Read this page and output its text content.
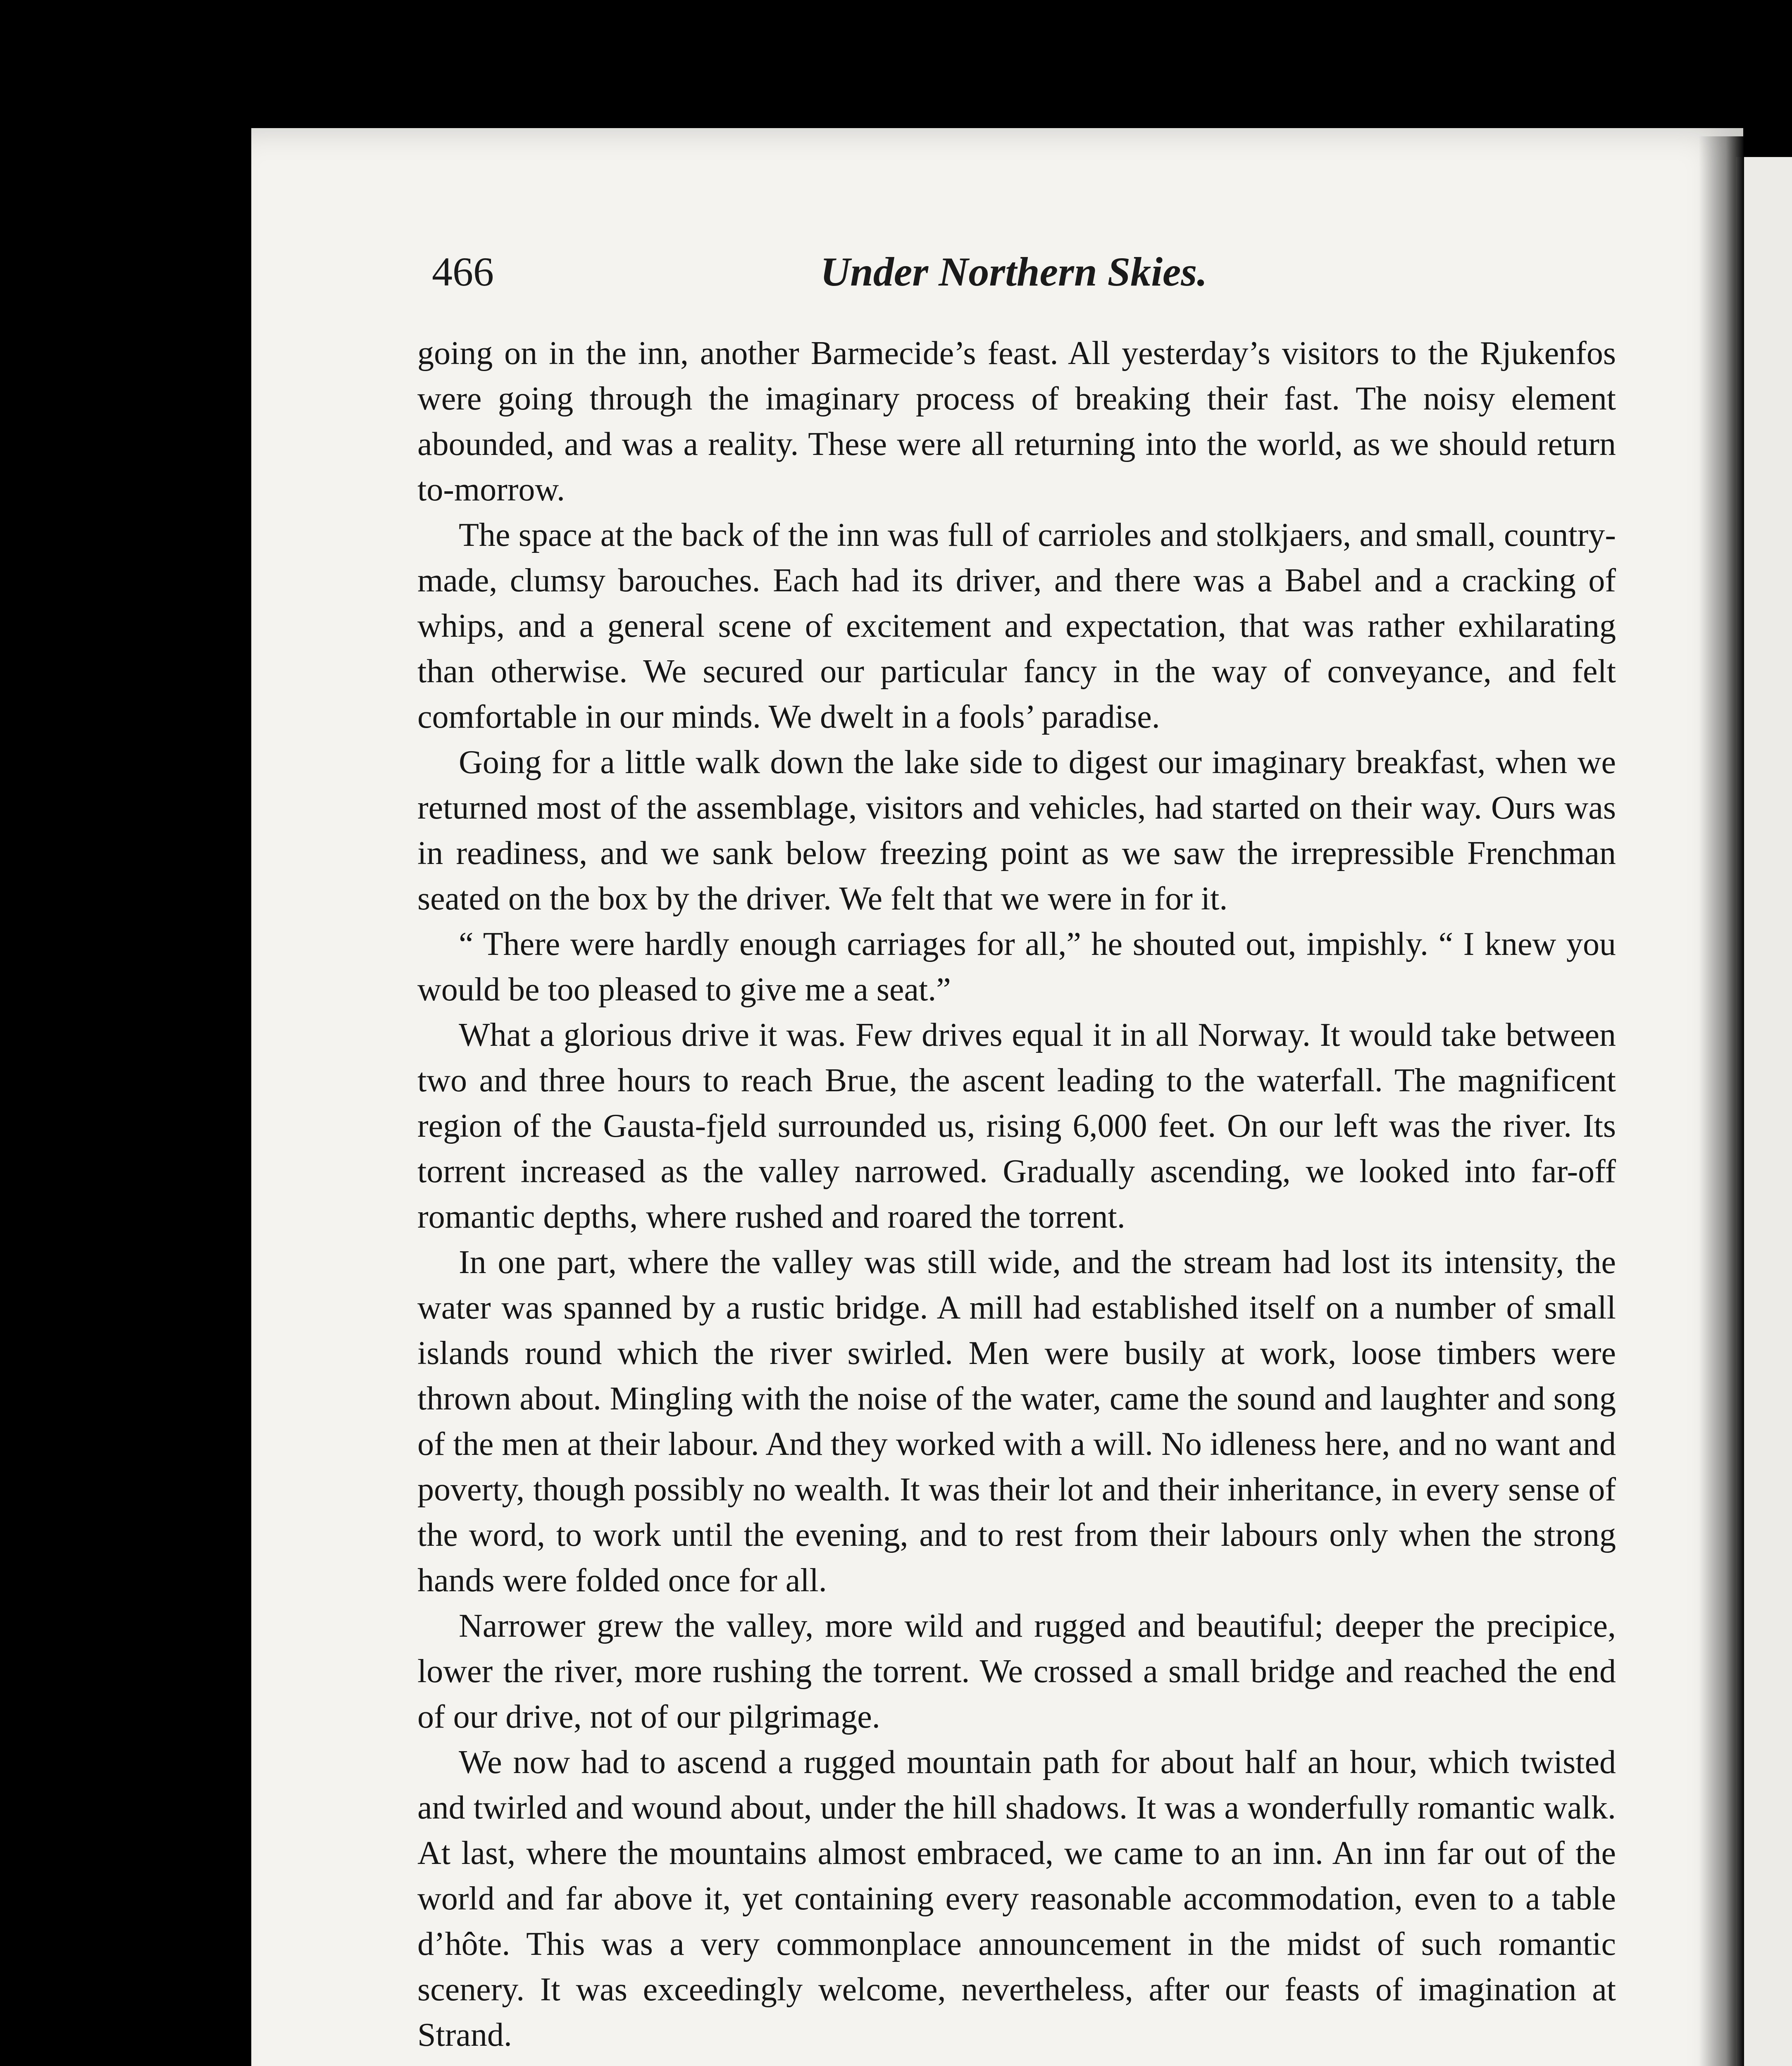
466	Under Northern Skies.

going on in the inn, another Barmecide’s feast. All yesterday’s visitors to the Rjukenfos were going through the imaginary process of breaking their fast. The noisy element abounded, and was a reality. These were all returning into the world, as we should return to-morrow.

The space at the back of the inn was full of carrioles and stolkjaers, and small, country-made, clumsy barouches. Each had its driver, and there was a Babel and a cracking of whips, and a general scene of excitement and expectation, that was rather exhilarating than otherwise. We secured our particular fancy in the way of conveyance, and felt comfortable in our minds. We dwelt in a fools’ paradise.

Going for a little walk down the lake side to digest our imaginary breakfast, when we returned most of the assemblage, visitors and vehicles, had started on their way. Ours was in readiness, and we sank below freezing point as we saw the irrepressible Frenchman seated on the box by the driver. We felt that we were in for it.

“ There were hardly enough carriages for all,” he shouted out, impishly. “ I knew you would be too pleased to give me a seat.”

What a glorious drive it was. Few drives equal it in all Norway. It would take between two and three hours to reach Brue, the ascent leading to the waterfall. The magnificent region of the Gausta-fjeld surrounded us, rising 6,000 feet. On our left was the river. Its torrent increased as the valley narrowed. Gradually ascending, we looked into far-off romantic depths, where rushed and roared the torrent.

In one part, where the valley was still wide, and the stream had lost its intensity, the water was spanned by a rustic bridge. A mill had established itself on a number of small islands round which the river swirled. Men were busily at work, loose timbers were thrown about. Mingling with the noise of the water, came the sound and laughter and song of the men at their labour. And they worked with a will. No idleness here, and no want and poverty, though possibly no wealth. It was their lot and their inheritance, in every sense of the word, to work until the evening, and to rest from their labours only when the strong hands were folded once for all.

Narrower grew the valley, more wild and rugged and beautiful; deeper the precipice, lower the river, more rushing the torrent. We crossed a small bridge and reached the end of our drive, not of our pilgrimage.

We now had to ascend a rugged mountain path for about half an hour, which twisted and twirled and wound about, under the hill shadows. It was a wonderfully romantic walk. At last, where the mountains almost embraced, we came to an inn. An inn far out of the world and far above it, yet containing every reasonable accommodation, even to a table d’hôte. This was a very commonplace announcement in the midst of such romantic scenery. It was exceedingly welcome, nevertheless, after our feasts of imagination at Strand.
